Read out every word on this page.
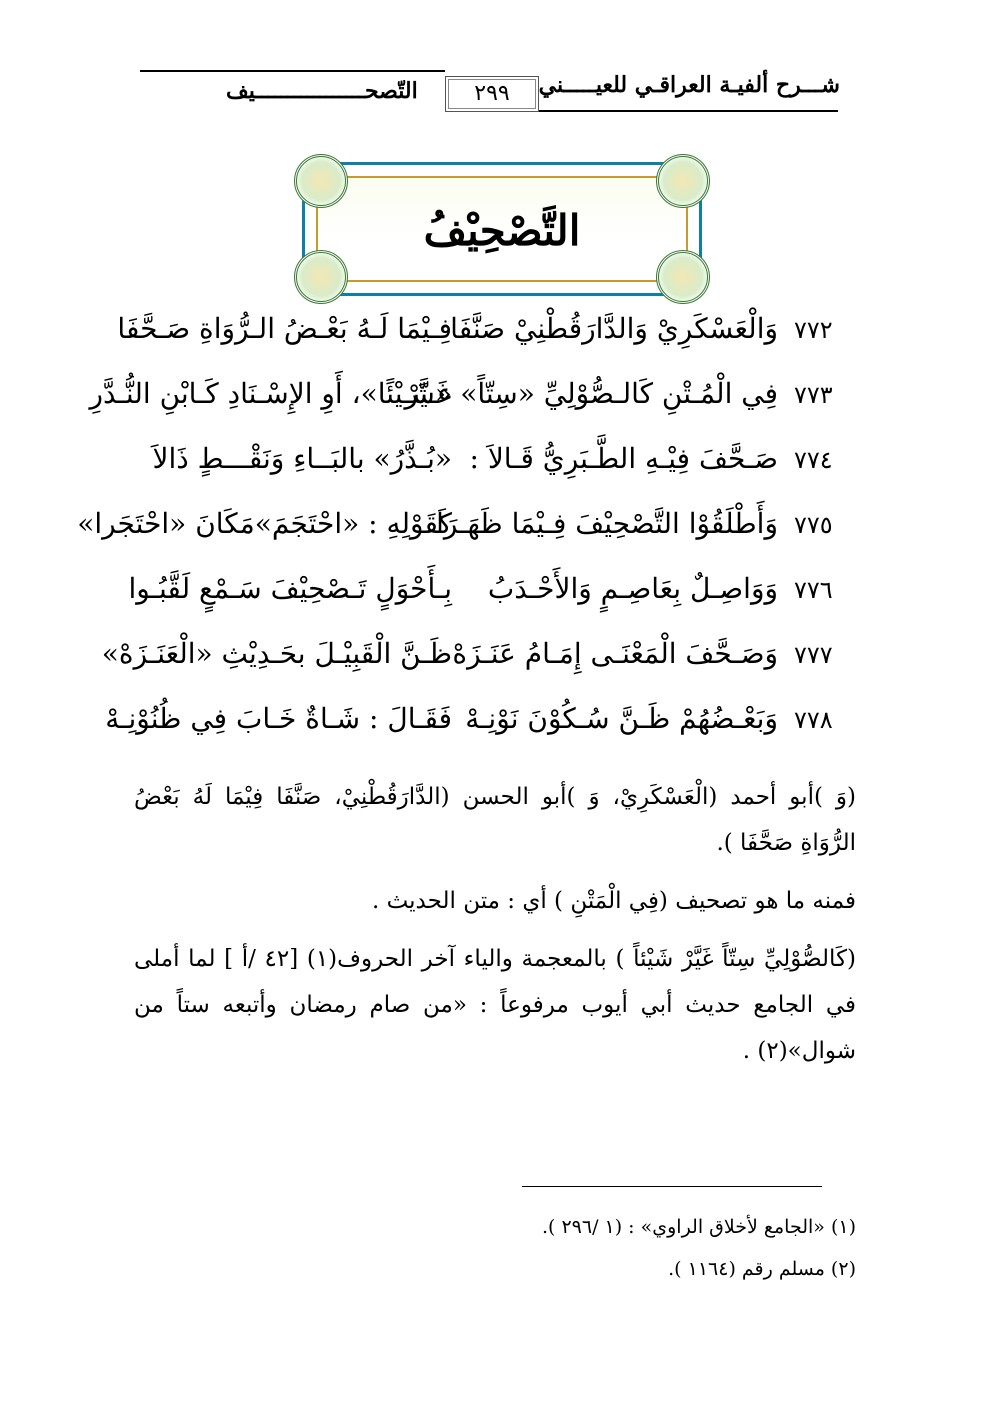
شـــرح ألفيـة العراقـي للعيـــــني
٢٩٩
التّصحـــــــــــــــــيف
التَّصْحِيْفُ
٧٧٢
وَالْعَسْكَرِيْ وَالدَّارَقُطْنِيْ صَنَّفَا
فِـيْمَا لَـهُ بَعْـضُ الـرُّوَاةِ صَـحَّفَا
٧٧٣
فِي الْمُـتْنِ كَالـصُّوْلِيِّ «سِتّاً» غَـيَّرْ
«شَـيْئًا»، أَوِ الإِسْـنَادِ كَـابْنِ النُّـدَّرِ
٧٧٤
صَـحَّفَ فِيْـهِ الطَّـبَرِيُّ قَـالاَ :
«بُـذَّرُ» بالبَــاءِ وَنَقْـــطٍ ذَالاَ
٧٧٥
وَأَطْلَقُوْا التَّصْحِيْفَ فِـيْمَا ظَهَـرَا
كَقَوْلِهِ : «احْتَجَمَ»مَكَانَ «احْتَجَرا»
٧٧٦
وَوَاصِـلٌ بِعَاصِـمٍ وَالأَحْـدَبُ
بِـأَحْوَلٍ تَـصْحِيْفَ سَـمْعٍ لَقَّبُـوا
٧٧٧
وَصَـحَّفَ الْمَعْنَـى إِمَـامُ عَنَـزَهْ
ظَـنَّ الْقَبِيْـلَ بحَـدِيْثِ «الْعَنَـزَهْ»
٧٧٨
وَبَعْـضُهُمْ ظَـنَّ سُـكُوْنَ نَوْنِـهْ
فَقَـالَ : شَـاةٌ خَـابَ فِي ظُنُوْنِـهْ

(وَ )أبو أحمد (الْعَسْكَرِيْ، وَ )أبو الحسن (الدَّارَقُطْنِيْ، صَنَّفَا فِيْمَا لَهُ بَعْضُ الرُّوَاةِ صَحَّفَا ).

فمنه ما هو تصحيف (فِي الْمَتْنِ ) أي : متن الحديث .

(كَالصُّوْلِيِّ سِتّاً غَيَّرْ شَيْئاً ) بالمعجمة والياء آخر الحروف(١) [٤٢ /أ ] لما أملى في الجامع حديث أبي أيوب مرفوعاً : «من صام رمضان وأتبعه ستاً من شوال»(٢) .

(١) «الجامع لأخلاق الراوي» : (١ /٢٩٦ ).
(٢) مسلم رقم (١١٦٤ ).
